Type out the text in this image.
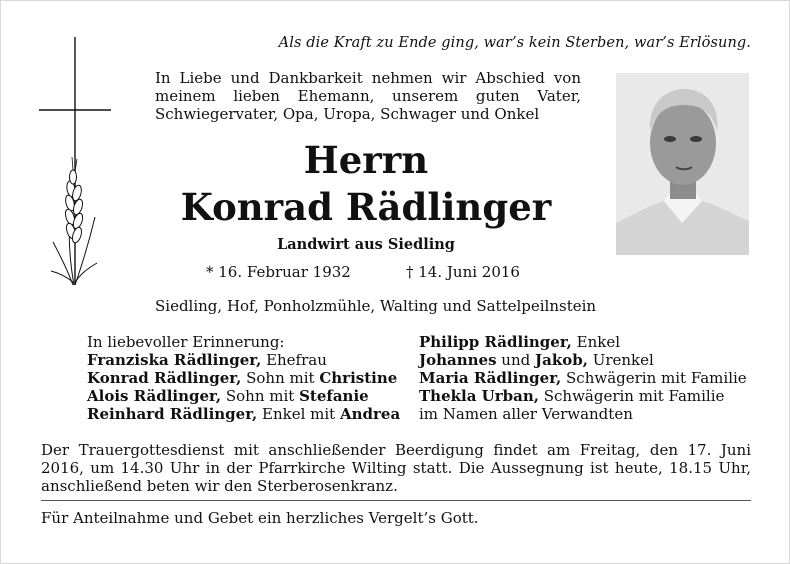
Als die Kraft zu Ende ging, war’s kein Sterben, war’s Erlösung.
In Liebe und Dankbarkeit nehmen wir Abschied von
meinem lieben Ehemann, unserem guten Vater,
Schwiegervater, Opa, Uropa, Schwager und Onkel
Herrn
Konrad Rädlinger
Landwirt aus Siedling
* 16. Februar 1932	† 14. Juni 2016
Siedling, Hof, Ponholzmühle, Walting und Sattelpeilnstein
In liebevoller Erinnerung:
Franziska Rädlinger, Ehefrau
Konrad Rädlinger, Sohn mit Christine
Alois Rädlinger, Sohn mit Stefanie
Reinhard Rädlinger, Enkel mit Andrea
Philipp Rädlinger, Enkel
Johannes und Jakob, Urenkel
Maria Rädlinger, Schwägerin mit Familie
Thekla Urban, Schwägerin mit Familie
im Namen aller Verwandten
Der Trauergottesdienst mit anschließender Beerdigung findet am Freitag, den 17. Juni
2016, um 14.30 Uhr in der Pfarrkirche Wilting statt. Die Aussegnung ist heute, 18.15 Uhr,
anschließend beten wir den Sterberosenkranz.
Für Anteilnahme und Gebet ein herzliches Vergelt’s Gott.
